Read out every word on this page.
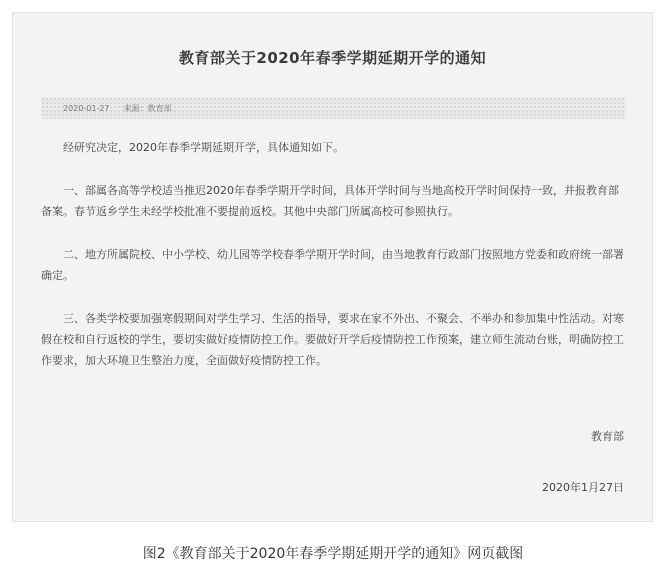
教育部关于2020年春季学期延期开学的通知
2020-01-27 来源：教育部

经研究决定，2020年春季学期延期开学，具体通知如下。

一、部属各高等学校适当推迟2020年春季学期开学时间，具体开学时间与当地高校开学时间保持一致，并报教育部备案。春节返乡学生未经学校批准不要提前返校。其他中央部门所属高校可参照执行。

二、地方所属院校、中小学校、幼儿园等学校春季学期开学时间，由当地教育行政部门按照地方党委和政府统一部署确定。

三、各类学校要加强寒假期间对学生学习、生活的指导，要求在家不外出、不聚会、不举办和参加集中性活动。对寒假在校和自行返校的学生，要切实做好疫情防控工作。要做好开学后疫情防控工作预案，建立师生流动台账，明确防控工作要求，加大环境卫生整治力度，全面做好疫情防控工作。

教育部
2020年1月27日
图2《教育部关于2020年春季学期延期开学的通知》网页截图
